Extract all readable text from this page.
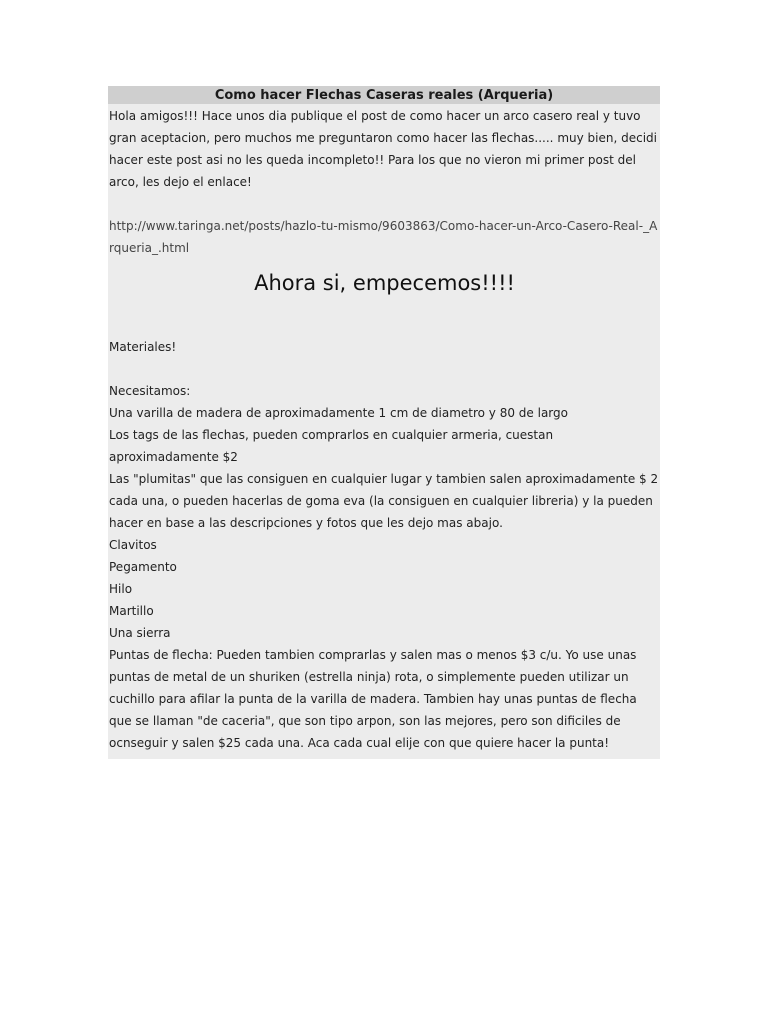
Como hacer Flechas Caseras reales (Arqueria)

Hola amigos!!! Hace unos dia publique el post de como hacer un arco casero real y tuvo gran aceptacion, pero muchos me preguntaron como hacer las flechas..... muy bien, decidi hacer este post asi no les queda incompleto!! Para los que no vieron mi primer post del arco, les dejo el enlace!

http://www.taringa.net/posts/hazlo-tu-mismo/9603863/Como-hacer-un-Arco-Casero-Real-_Arqueria_.html

Ahora si, empecemos!!!!

Materiales!

Necesitamos:

Una varilla de madera de aproximadamente 1 cm de diametro y 80 de largo

Los tags de las flechas, pueden comprarlos en cualquier armeria, cuestan aproximadamente $2

Las "plumitas" que las consiguen en cualquier lugar y tambien salen aproximadamente $ 2 cada una, o pueden hacerlas de goma eva (la consiguen en cualquier libreria) y la pueden hacer en base a las descripciones y fotos que les dejo mas abajo.

Clavitos

Pegamento

Hilo

Martillo

Una sierra

Puntas de flecha: Pueden tambien comprarlas y salen mas o menos $3 c/u. Yo use unas puntas de metal de un shuriken (estrella ninja) rota, o simplemente pueden utilizar un cuchillo para afilar la punta de la varilla de madera. Tambien hay unas puntas de flecha que se llaman "de caceria", que son tipo arpon, son las mejores, pero son dificiles de ocnseguir y salen $25 cada una. Aca cada cual elije con que quiere hacer la punta!
